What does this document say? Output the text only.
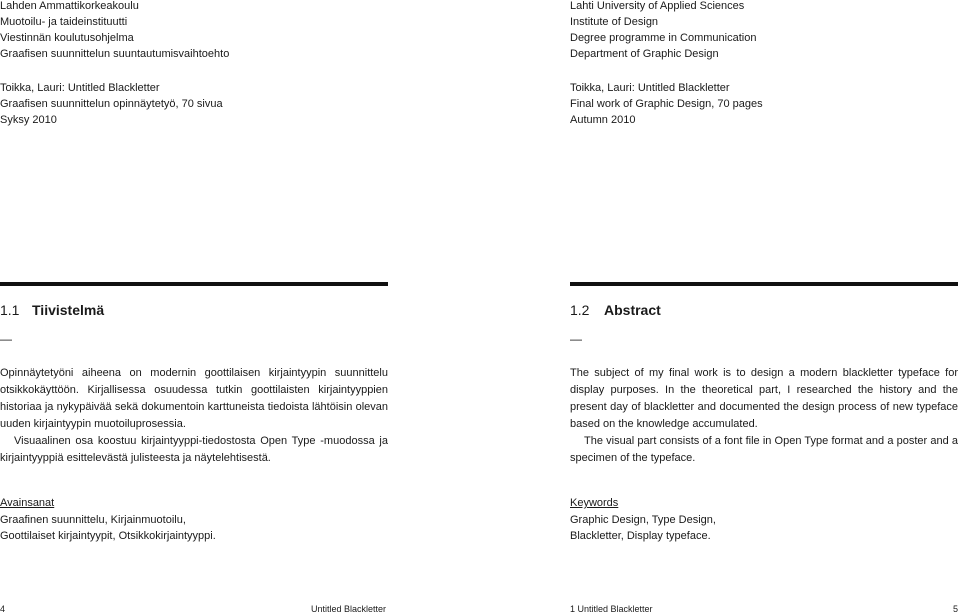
Lahden Ammattikorkeakoulu
Muotoilu- ja taideinstituutti
Viestinnän koulutusohjelma
Graafisen suunnittelun suuntautumisvaihtoehto
Toikka, Lauri: Untitled Blackletter
Graafisen suunnittelun opinnäytetyö, 70 sivua
Syksy 2010
1.1 Tiivistelmä
—

Opinnäytetyöni aiheena on modernin goottilaisen kirjaintyypin suunnittelu otsikkokäyttöön. Kirjallisessa osuudessa tutkin goottilaisten kirjaintyyppien historiaa ja nykypäivää sekä dokumentoin karttuneista tiedoista lähtöisin olevan uuden kirjaintyypin muotoiluprosessia.

Visuaalinen osa koostuu kirjaintyyppi-tiedostosta Open Type -muodossa ja kirjaintyyppiä esittelevästä julisteesta ja näytelehtisestä.

Avainsanat
Graafinen suunnittelu, Kirjainmuotoilu,
Goottilaiset kirjaintyypit, Otsikkokirjaintyyppi.
4	Untitled Blackletter
Lahti University of Applied Sciences
Institute of Design
Degree programme in Communication
Department of Graphic Design
Toikka, Lauri: Untitled Blackletter
Final work of Graphic Design, 70 pages
Autumn 2010
1.2 Abstract
—

The subject of my final work is to design a modern blackletter typeface for display purposes. In the theoretical part, I researched the history and the present day of blackletter and documented the design process of new typeface based on the knowledge accumulated.

The visual part consists of a font file in Open Type format and a poster and a specimen of the typeface.

Keywords
Graphic Design, Type Design,
Blackletter, Display typeface.
1 Untitled Blackletter	5
